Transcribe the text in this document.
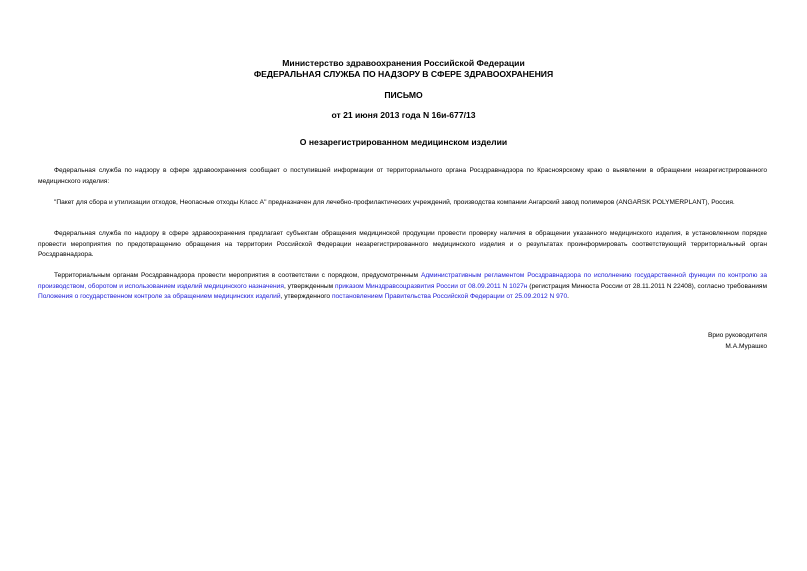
Министерство здравоохранения Российской Федерации
ФЕДЕРАЛЬНАЯ СЛУЖБА ПО НАДЗОРУ В СФЕРЕ ЗДРАВООХРАНЕНИЯ
ПИСЬМО
от 21 июня 2013 года N 16и-677/13
О незарегистрированном медицинском изделии
Федеральная служба по надзору в сфере здравоохранения сообщает о поступившей информации от территориального органа Росздравнадзора по Красноярскому краю о выявлении в обращении незарегистрированного медицинского изделия:
"Пакет для сбора и утилизации отходов, Неопасные отходы Класс А" предназначен для лечебно-профилактических учреждений, производства компании Ангарский завод полимеров (ANGARSK POLYMERPLANT), Россия.
Федеральная служба по надзору в сфере здравоохранения предлагает субъектам обращения медицинской продукции провести проверку наличия в обращении указанного медицинского изделия, в установленном порядке провести мероприятия по предотвращению обращения на территории Российской Федерации незарегистрированного медицинского изделия и о результатах проинформировать соответствующий территориальный орган Росздравнадзора.
Территориальным органам Росздравнадзора провести мероприятия в соответствии с порядком, предусмотренным Административным регламентом Росздравнадзора по исполнению государственной функции по контролю за производством, оборотом и использованием изделий медицинского назначения, утвержденным приказом Минздравсоцразвития России от 08.09.2011 N 1027н (регистрация Минюста России от 28.11.2011 N 22408), согласно требованиям Положения о государственном контроле за обращением медицинских изделий, утвержденного постановлением Правительства Российской Федерации от 25.09.2012 N 970.
Врио руководителя
М.А.Мурашко
